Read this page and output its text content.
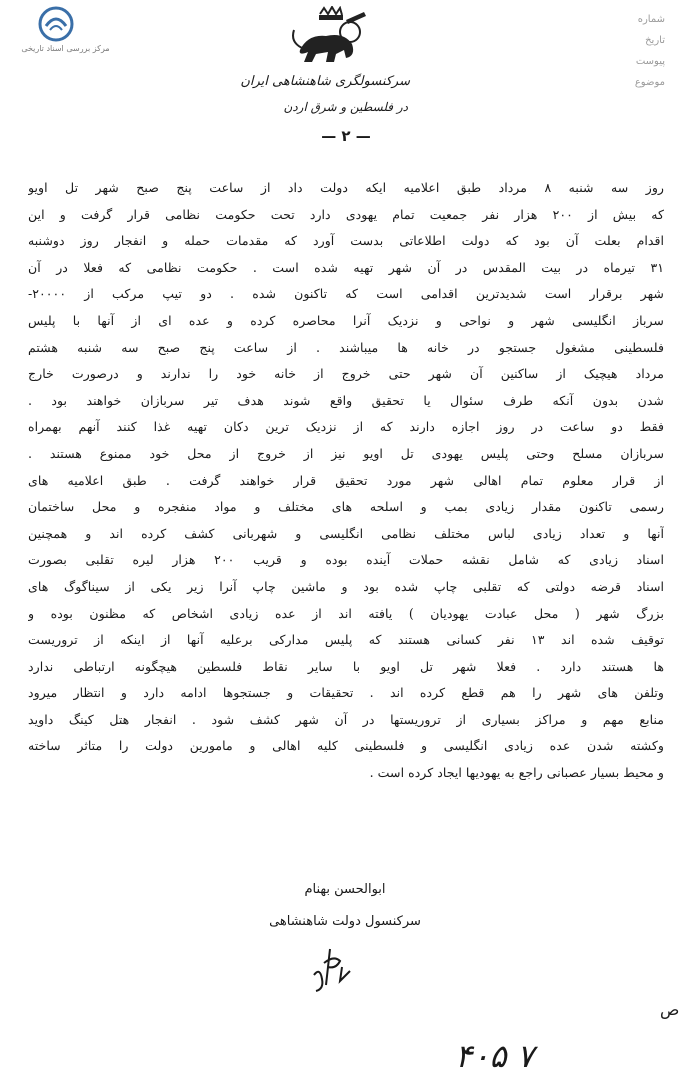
مرکز بررسی اسناد تاریخی
سرکنسولگری شاهنشاهی ایران
در فلسطین و شرق اردن
— ۲ —
شماره
تاریخ
پیوست
موضوع
روز سه شنبه ۸ مرداد طبق اعلامیه ایکه دولت داد از ساعت پنج صبح شهر تل اویو
که بیش از ۲۰۰ هزار نفر جمعیت تمام یهودی دارد تحت حکومت نظامی قرار گرفت و این
اقدام بعلت آن بود که دولت اطلاعاتی بدست آورد که مقدمات حمله و انفجار روز دوشنبه
۳۱ تیرماه در بیت المقدس در آن شهر تهیه شده است . حکومت نظامی که فعلا در آن
شهر برقرار است شدیدترین اقدامی است که تاکنون شده . دو تیپ مرکب از ۲۰۰۰۰-
سرباز انگلیسی شهر و نواحی و نزدیک آنرا محاصره کرده و عده ای از آنها با پلیس
فلسطینی مشغول جستجو در خانه ها میباشند . از ساعت پنج صبح سه شنبه هشتم
مرداد هیچیک از ساکنین آن شهر حتی خروج از خانه خود را ندارند و درصورت خارج
شدن بدون آنکه طرف سئوال یا تحقیق واقع شوند هدف تیر سربازان خواهند بود .
فقط دو ساعت در روز اجازه دارند که از نزدیک ترین دکان تهیه غذا کنند آنهم بهمراه
سربازان مسلح وحتی پلیس یهودی تل اویو نیز از خروج از محل خود ممنوع هستند .
از قرار معلوم تمام اهالی شهر مورد تحقیق قرار خواهند گرفت . طبق اعلامیه های
رسمی تاکنون مقدار زیادی بمب و اسلحه های مختلف و مواد منفجره و محل ساختمان
آنها و تعداد زیادی لباس مختلف نظامی انگلیسی و شهربانی کشف کرده اند و همچنین
اسناد زیادی که شامل نقشه حملات آینده بوده و قریب ۲۰۰ هزار لیره تقلبی بصورت
اسناد قرضه دولتی که تقلبی چاپ شده بود و ماشین چاپ آنرا زیر یکی از سیناگوگ های
بزرگ شهر ( محل عبادت یهودیان ) یافته اند از عده زیادی اشخاص که مظنون بوده و
توقیف شده اند ۱۳ نفر کسانی هستند که پلیس مدارکی برعلیه آنها از اینکه از تروریست
ها هستند دارد . فعلا شهر تل اویو با سایر نقاط فلسطین هیچگونه ارتباطی ندارد
وتلفن های شهر را هم قطع کرده اند . تحقیقات و جستجوها ادامه دارد و انتظار میرود
منابع مهم و مراکز بسیاری از تروریستها در آن شهر کشف شود . انفجار هتل کینگ داوید
وکشته شدن عده زیادی انگلیسی و فلسطینی کلیه اهالی و مامورین دولت را متاثر ساخته
و محیط بسیار عصبانی راجع به یهودیها ایجاد کرده است .
ابوالحسن بهنام
سرکنسول دولت شاهنشاهی
ص
۴۰۵ ۷
